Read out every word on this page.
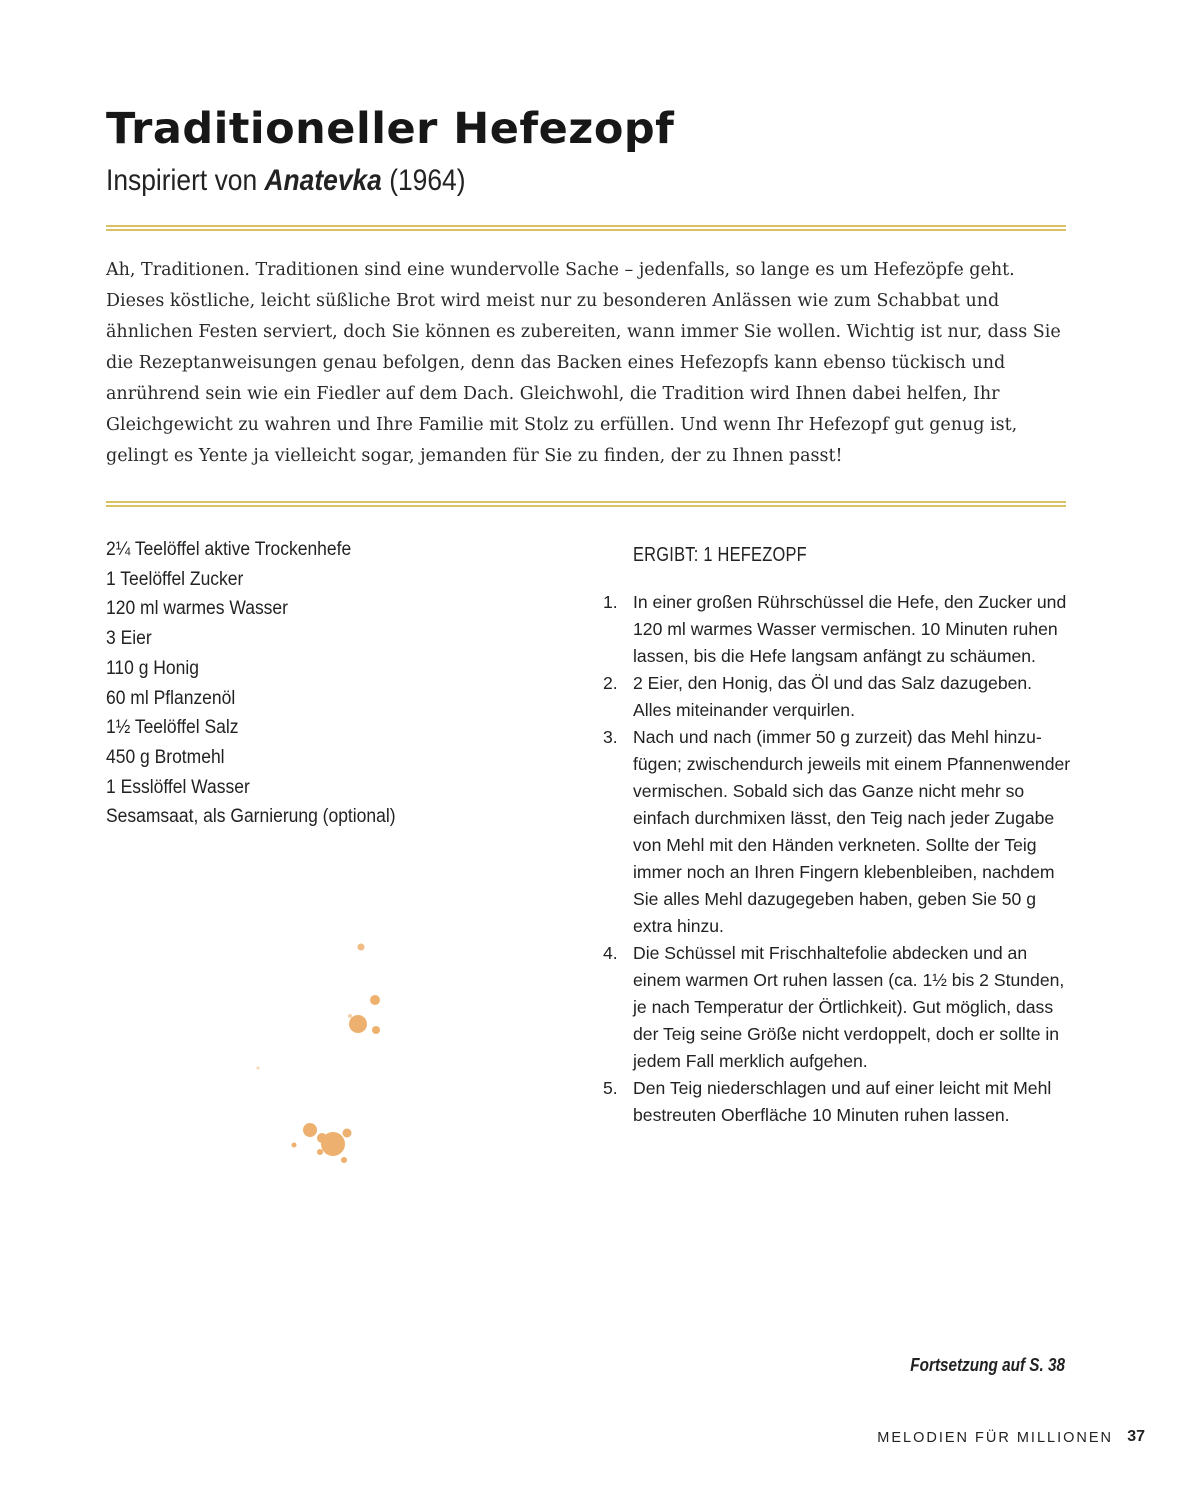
Traditioneller Hefezopf
Inspiriert von Anatevka (1964)

Ah, Traditionen. Traditionen sind eine wundervolle Sache – jedenfalls, so lange es um Hefezöpfe geht. Dieses köstliche, leicht süßliche Brot wird meist nur zu besonderen Anlässen wie zum Schabbat und ähnlichen Festen serviert, doch Sie können es zubereiten, wann immer Sie wollen. Wichtig ist nur, dass Sie die Rezeptanweisungen genau befolgen, denn das Backen eines Hefezopfs kann ebenso tückisch und anrührend sein wie ein Fiedler auf dem Dach. Gleichwohl, die Tradition wird Ihnen dabei helfen, Ihr Gleichgewicht zu wahren und Ihre Familie mit Stolz zu erfüllen. Und wenn Ihr Hefezopf gut genug ist, gelingt es Yente ja vielleicht sogar, jemanden für Sie zu finden, der zu Ihnen passt!

2¼ Teelöffel aktive Trockenhefe
1 Teelöffel Zucker
120 ml warmes Wasser
3 Eier
110 g Honig
60 ml Pflanzenöl
1½ Teelöffel Salz
450 g Brotmehl
1 Esslöffel Wasser
Sesamsaat, als Garnierung (optional)
ERGIBT: 1 HEFEZOPF
1. In einer großen Rührschüssel die Hefe, den Zucker und 120 ml warmes Wasser vermischen. 10 Minuten ruhen lassen, bis die Hefe langsam anfängt zu schäumen.
2. 2 Eier, den Honig, das Öl und das Salz dazugeben. Alles miteinander verquirlen.
3. Nach und nach (immer 50 g zurzeit) das Mehl hinzufügen; zwischendurch jeweils mit einem Pfannenwender vermischen. Sobald sich das Ganze nicht mehr so einfach durchmixen lässt, den Teig nach jeder Zugabe von Mehl mit den Händen verkneten. Sollte der Teig immer noch an Ihren Fingern klebenbleiben, nachdem Sie alles Mehl dazugegeben haben, geben Sie 50 g extra hinzu.
4. Die Schüssel mit Frischhaltefolie abdecken und an einem warmen Ort ruhen lassen (ca. 1½ bis 2 Stunden, je nach Temperatur der Örtlichkeit). Gut möglich, dass der Teig seine Größe nicht verdoppelt, doch er sollte in jedem Fall merklich aufgehen.
5. Den Teig niederschlagen und auf einer leicht mit Mehl bestreuten Oberfläche 10 Minuten ruhen lassen.
Fortsetzung auf S. 38
MELODIEN FÜR MILLIONEN 37
